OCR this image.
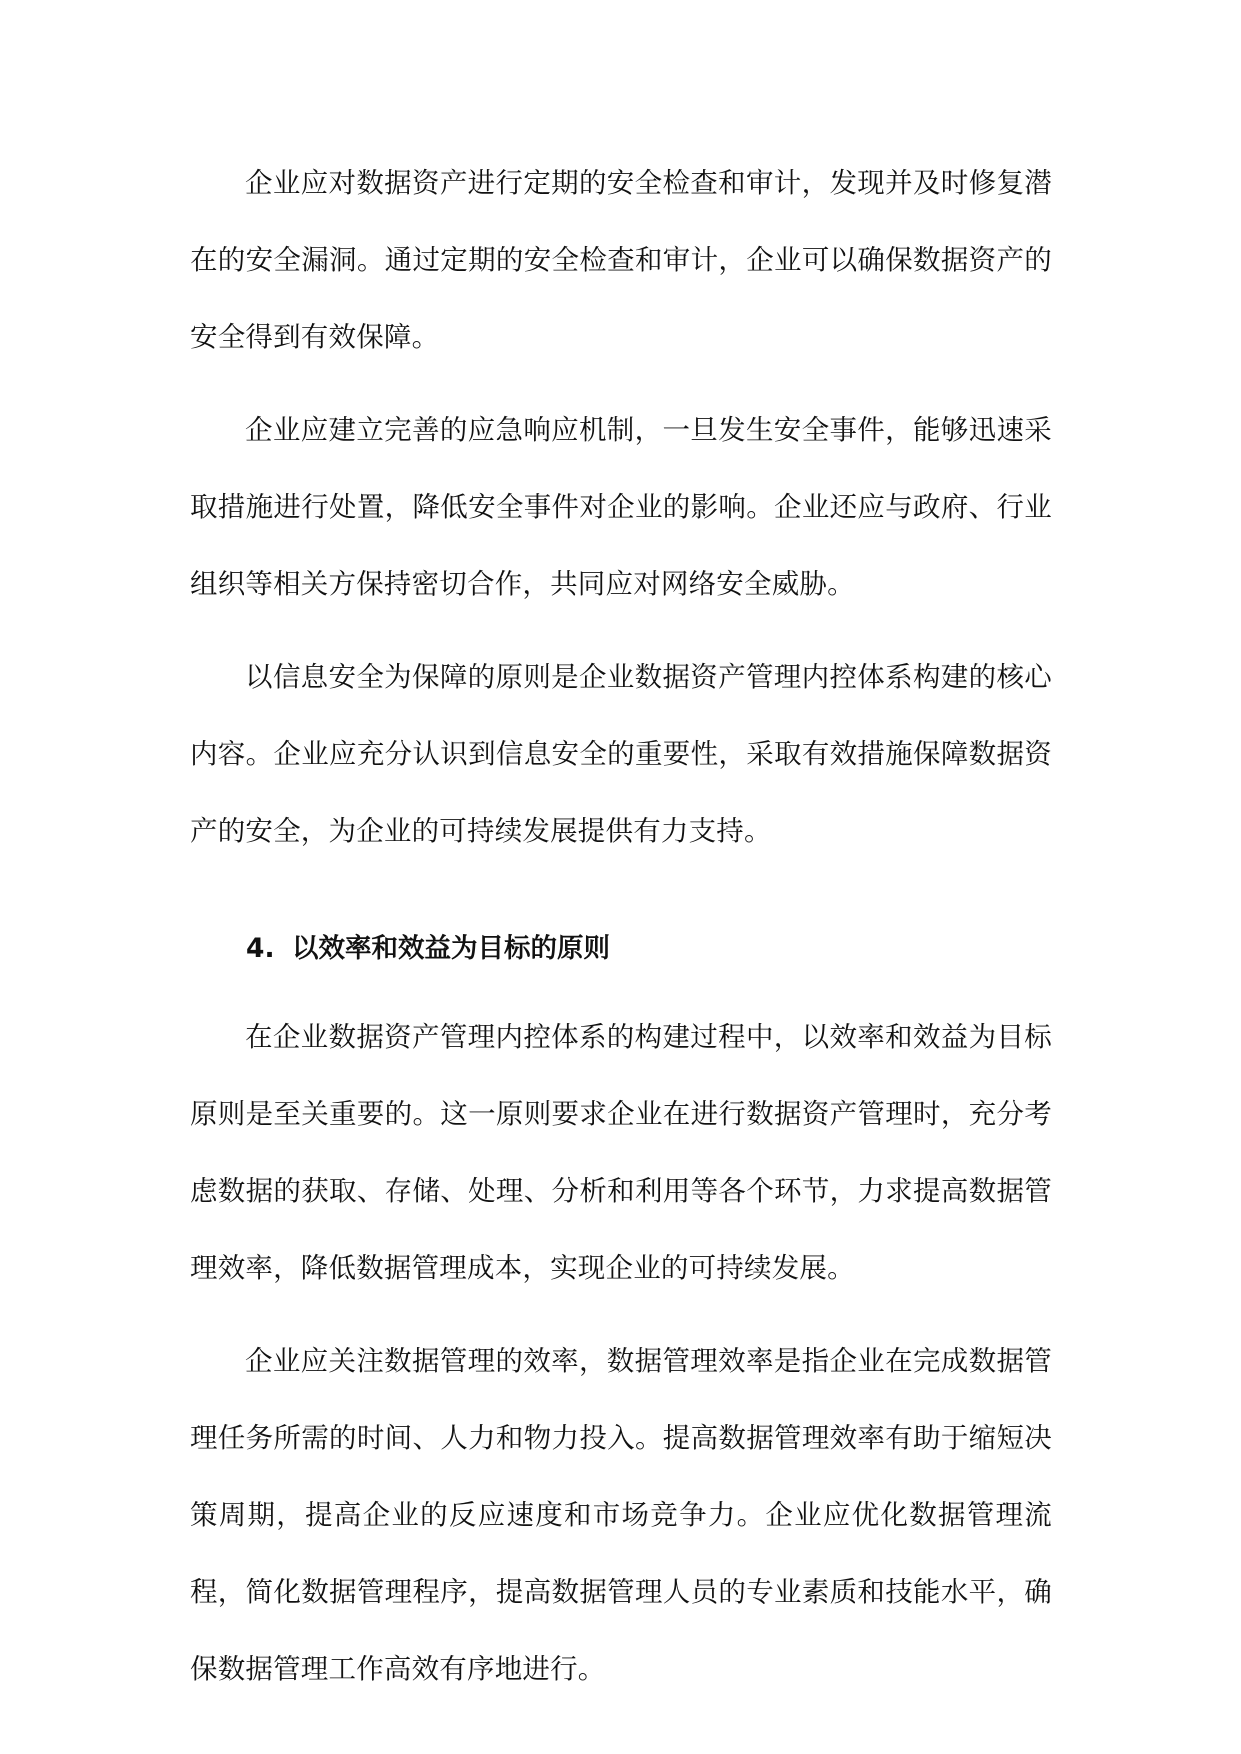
企业应对数据资产进行定期的安全检查和审计，发现并及时修复潜在的安全漏洞。通过定期的安全检查和审计，企业可以确保数据资产的安全得到有效保障。

企业应建立完善的应急响应机制，一旦发生安全事件，能够迅速采取措施进行处置，降低安全事件对企业的影响。企业还应与政府、行业组织等相关方保持密切合作，共同应对网络安全威胁。

以信息安全为保障的原则是企业数据资产管理内控体系构建的核心内容。企业应充分认识到信息安全的重要性，采取有效措施保障数据资产的安全，为企业的可持续发展提供有力支持。

4. 以效率和效益为目标的原则

在企业数据资产管理内控体系的构建过程中，以效率和效益为目标原则是至关重要的。这一原则要求企业在进行数据资产管理时，充分考虑数据的获取、存储、处理、分析和利用等各个环节，力求提高数据管理效率，降低数据管理成本，实现企业的可持续发展。

企业应关注数据管理的效率，数据管理效率是指企业在完成数据管理任务所需的时间、人力和物力投入。提高数据管理效率有助于缩短决策周期，提高企业的反应速度和市场竞争力。企业应优化数据管理流程，简化数据管理程序，提高数据管理人员的专业素质和技能水平，确保数据管理工作高效有序地进行。
